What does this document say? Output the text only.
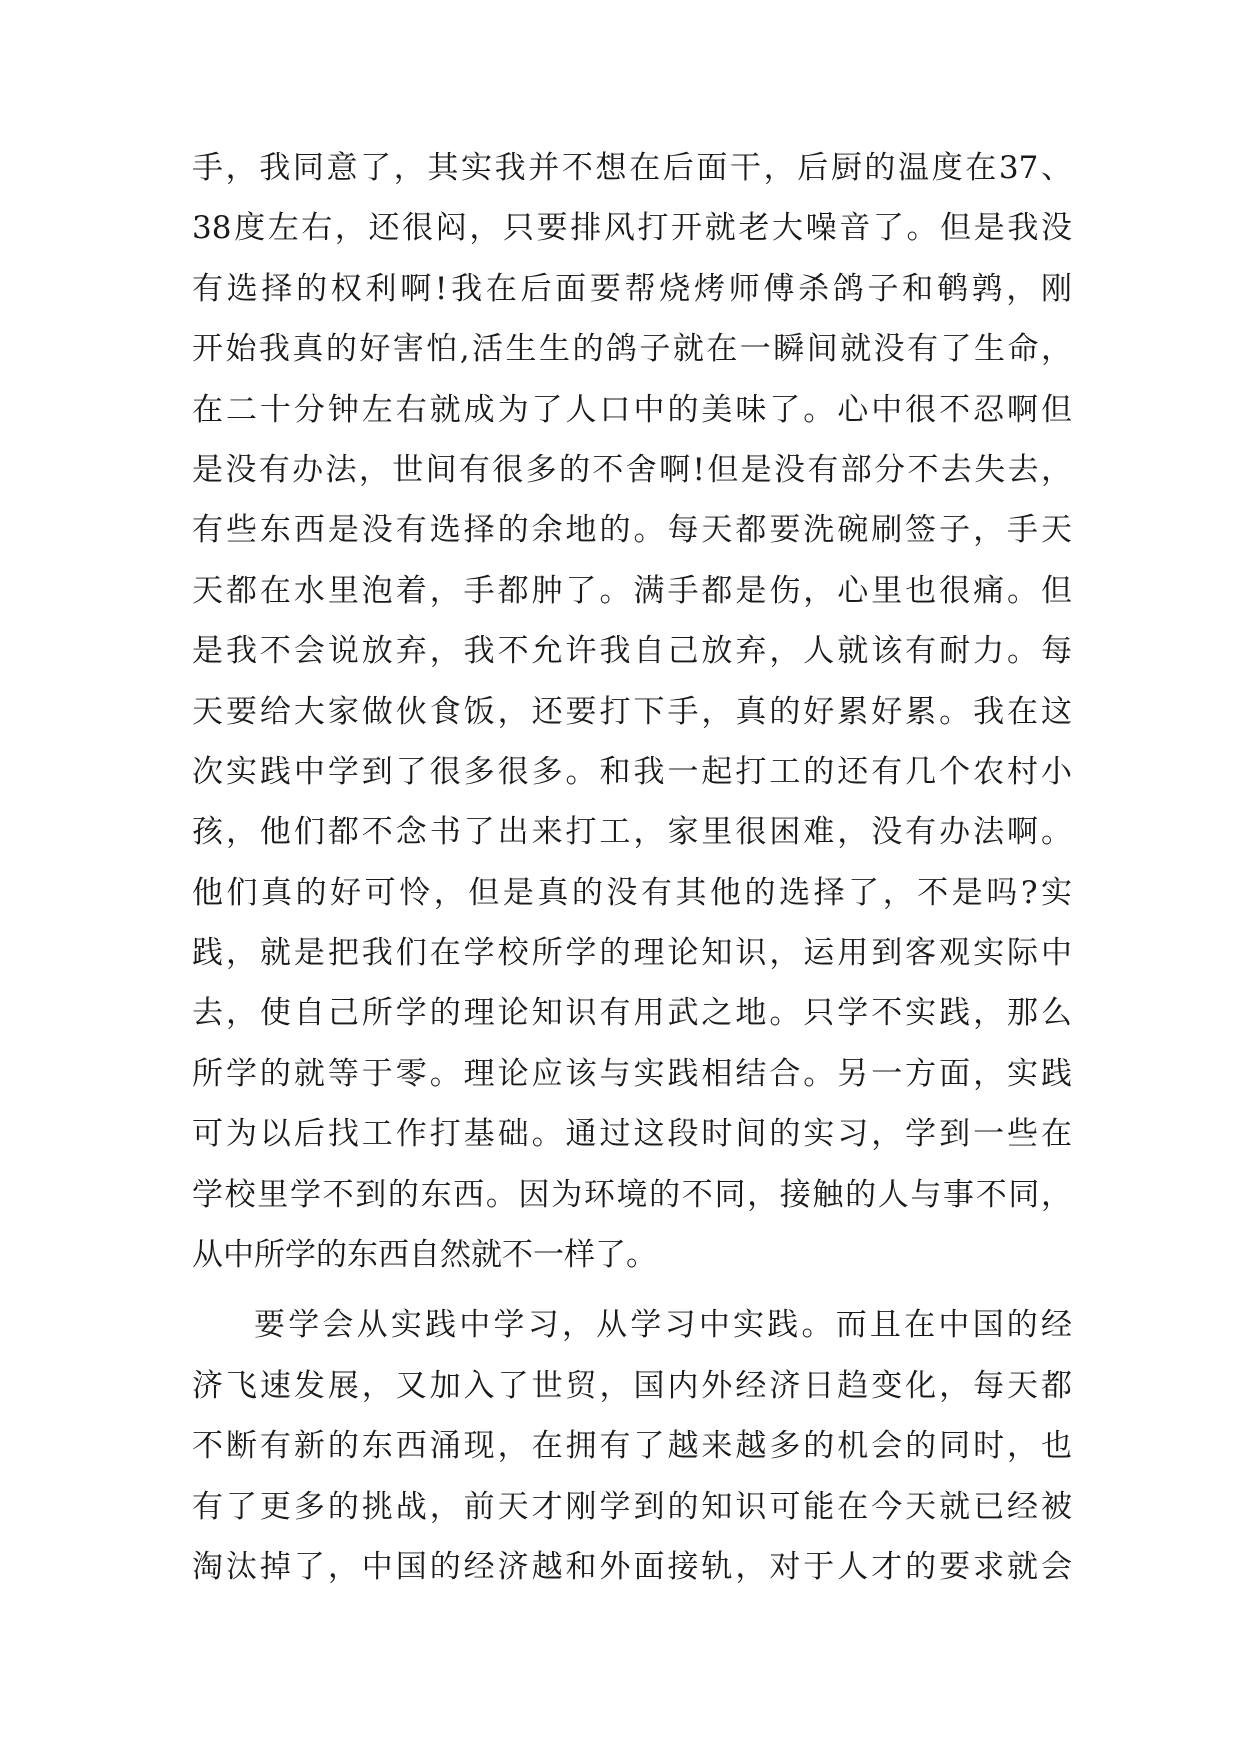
手，我同意了，其实我并不想在后面干，后厨的温度在37、
38度左右，还很闷，只要排风打开就老大噪音了。但是我没
有选择的权利啊!我在后面要帮烧烤师傅杀鸽子和鹌鹑，刚
开始我真的好害怕,活生生的鸽子就在一瞬间就没有了生命，
在二十分钟左右就成为了人口中的美味了。心中很不忍啊但
是没有办法，世间有很多的不舍啊!但是没有部分不去失去，
有些东西是没有选择的余地的。每天都要洗碗刷签子，手天
天都在水里泡着，手都肿了。满手都是伤，心里也很痛。但
是我不会说放弃，我不允许我自己放弃，人就该有耐力。每
天要给大家做伙食饭，还要打下手，真的好累好累。我在这
次实践中学到了很多很多。和我一起打工的还有几个农村小
孩，他们都不念书了出来打工，家里很困难，没有办法啊。
他们真的好可怜，但是真的没有其他的选择了，不是吗?实
践，就是把我们在学校所学的理论知识，运用到客观实际中
去，使自己所学的理论知识有用武之地。只学不实践，那么
所学的就等于零。理论应该与实践相结合。另一方面，实践
可为以后找工作打基础。通过这段时间的实习，学到一些在
学校里学不到的东西。因为环境的不同，接触的人与事不同，
从中所学的东西自然就不一样了。
要学会从实践中学习，从学习中实践。而且在中国的经
济飞速发展，又加入了世贸，国内外经济日趋变化，每天都
不断有新的东西涌现，在拥有了越来越多的机会的同时，也
有了更多的挑战，前天才刚学到的知识可能在今天就已经被
淘汰掉了，中国的经济越和外面接轨，对于人才的要求就会
